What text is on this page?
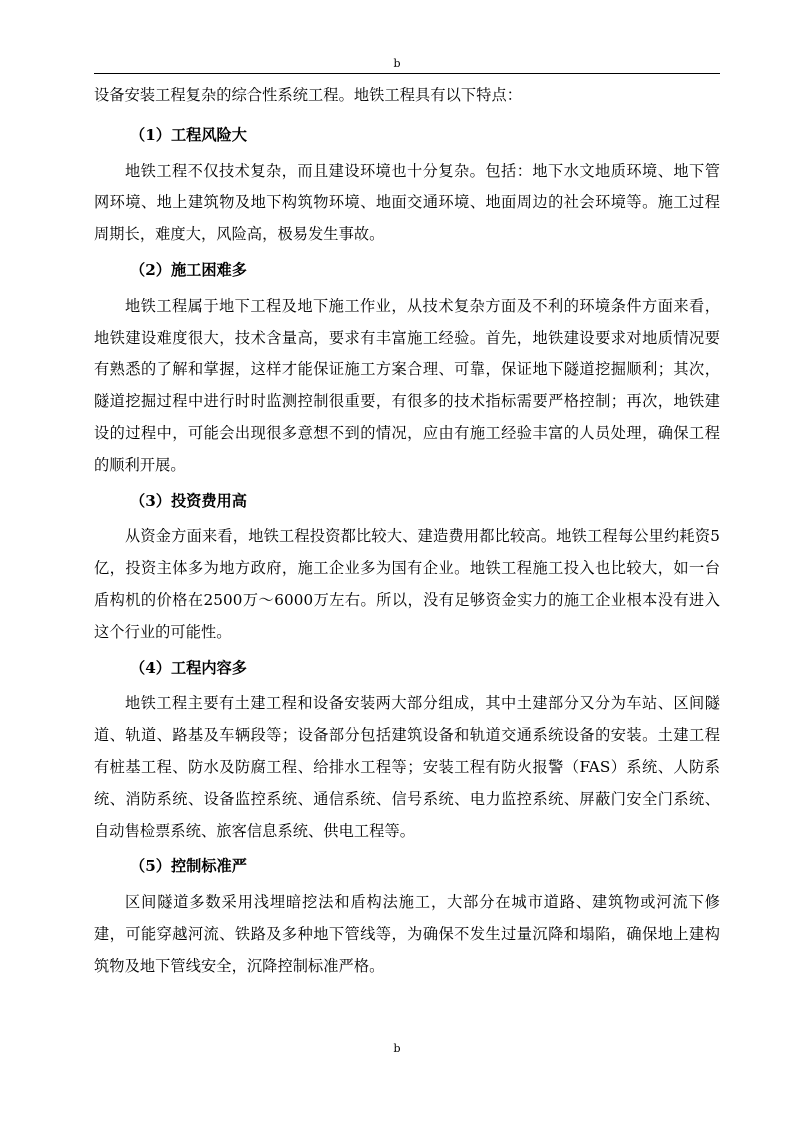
b

设备安装工程复杂的综合性系统工程。地铁工程具有以下特点：

（1）工程风险大

地铁工程不仅技术复杂，而且建设环境也十分复杂。包括：地下水文地质环境、地下管网环境、地上建筑物及地下构筑物环境、地面交通环境、地面周边的社会环境等。施工过程周期长，难度大，风险高，极易发生事故。

（2）施工困难多

地铁工程属于地下工程及地下施工作业，从技术复杂方面及不利的环境条件方面来看，地铁建设难度很大，技术含量高，要求有丰富施工经验。首先，地铁建设要求对地质情况要有熟悉的了解和掌握，这样才能保证施工方案合理、可靠，保证地下隧道挖掘顺利；其次，隧道挖掘过程中进行时时监测控制很重要，有很多的技术指标需要严格控制；再次，地铁建设的过程中，可能会出现很多意想不到的情况，应由有施工经验丰富的人员处理，确保工程的顺利开展。

（3）投资费用高

从资金方面来看，地铁工程投资都比较大、建造费用都比较高。地铁工程每公里约耗资5亿，投资主体多为地方政府，施工企业多为国有企业。地铁工程施工投入也比较大，如一台盾构机的价格在2500万～6000万左右。所以，没有足够资金实力的施工企业根本没有进入这个行业的可能性。

（4）工程内容多

地铁工程主要有土建工程和设备安装两大部分组成，其中土建部分又分为车站、区间隧道、轨道、路基及车辆段等；设备部分包括建筑设备和轨道交通系统设备的安装。土建工程有桩基工程、防水及防腐工程、给排水工程等；安装工程有防火报警（FAS）系统、人防系统、消防系统、设备监控系统、通信系统、信号系统、电力监控系统、屏蔽门安全门系统、自动售检票系统、旅客信息系统、供电工程等。

（5）控制标准严

区间隧道多数采用浅埋暗挖法和盾构法施工，大部分在城市道路、建筑物或河流下修建，可能穿越河流、铁路及多种地下管线等，为确保不发生过量沉降和塌陷，确保地上建构筑物及地下管线安全，沉降控制标准严格。

b
